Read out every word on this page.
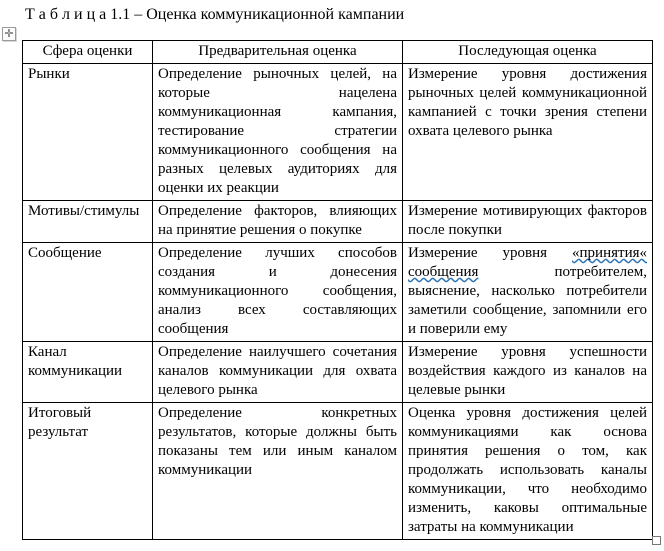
✛
Т а б л и ц а 1.1 – Оценка коммуникационной кампании
Сфера оценки	Предварительная оценка	Последующая оценка
Рынки	Определение рыночных целей, на которые нацелена коммуникационная кампания, тестирование стратегии коммуникационного сообщения на разных целевых аудиториях для оценки их реакции	Измерение уровня достижения рыночных целей коммуникационной кампанией с точки зрения степени охвата целевого рынка
Мотивы/стимулы	Определение факторов, влияющих на принятие решения о покупке	Измерение мотивирующих факторов после покупки
Сообщение	Определение лучших способов создания и донесения коммуникационного сообщения, анализ всех составляющих сообщения	Измерение уровня «принятия« сообщения потребителем, выяснение, насколько потребители заметили сообщение, запомнили его и поверили ему
Канал коммуникации	Определение наилучшего сочетания каналов коммуникации для охвата целевого рынка	Измерение уровня успешности воздействия каждого из каналов на целевые рынки
Итоговый результат	Определение конкретных результатов, которые должны быть показаны тем или иным каналом коммуникации	Оценка уровня достижения целей коммуникациями как основа принятия решения о том, как продолжать использовать каналы коммуникации, что необходимо изменить, каковы оптимальные затраты на коммуникации
